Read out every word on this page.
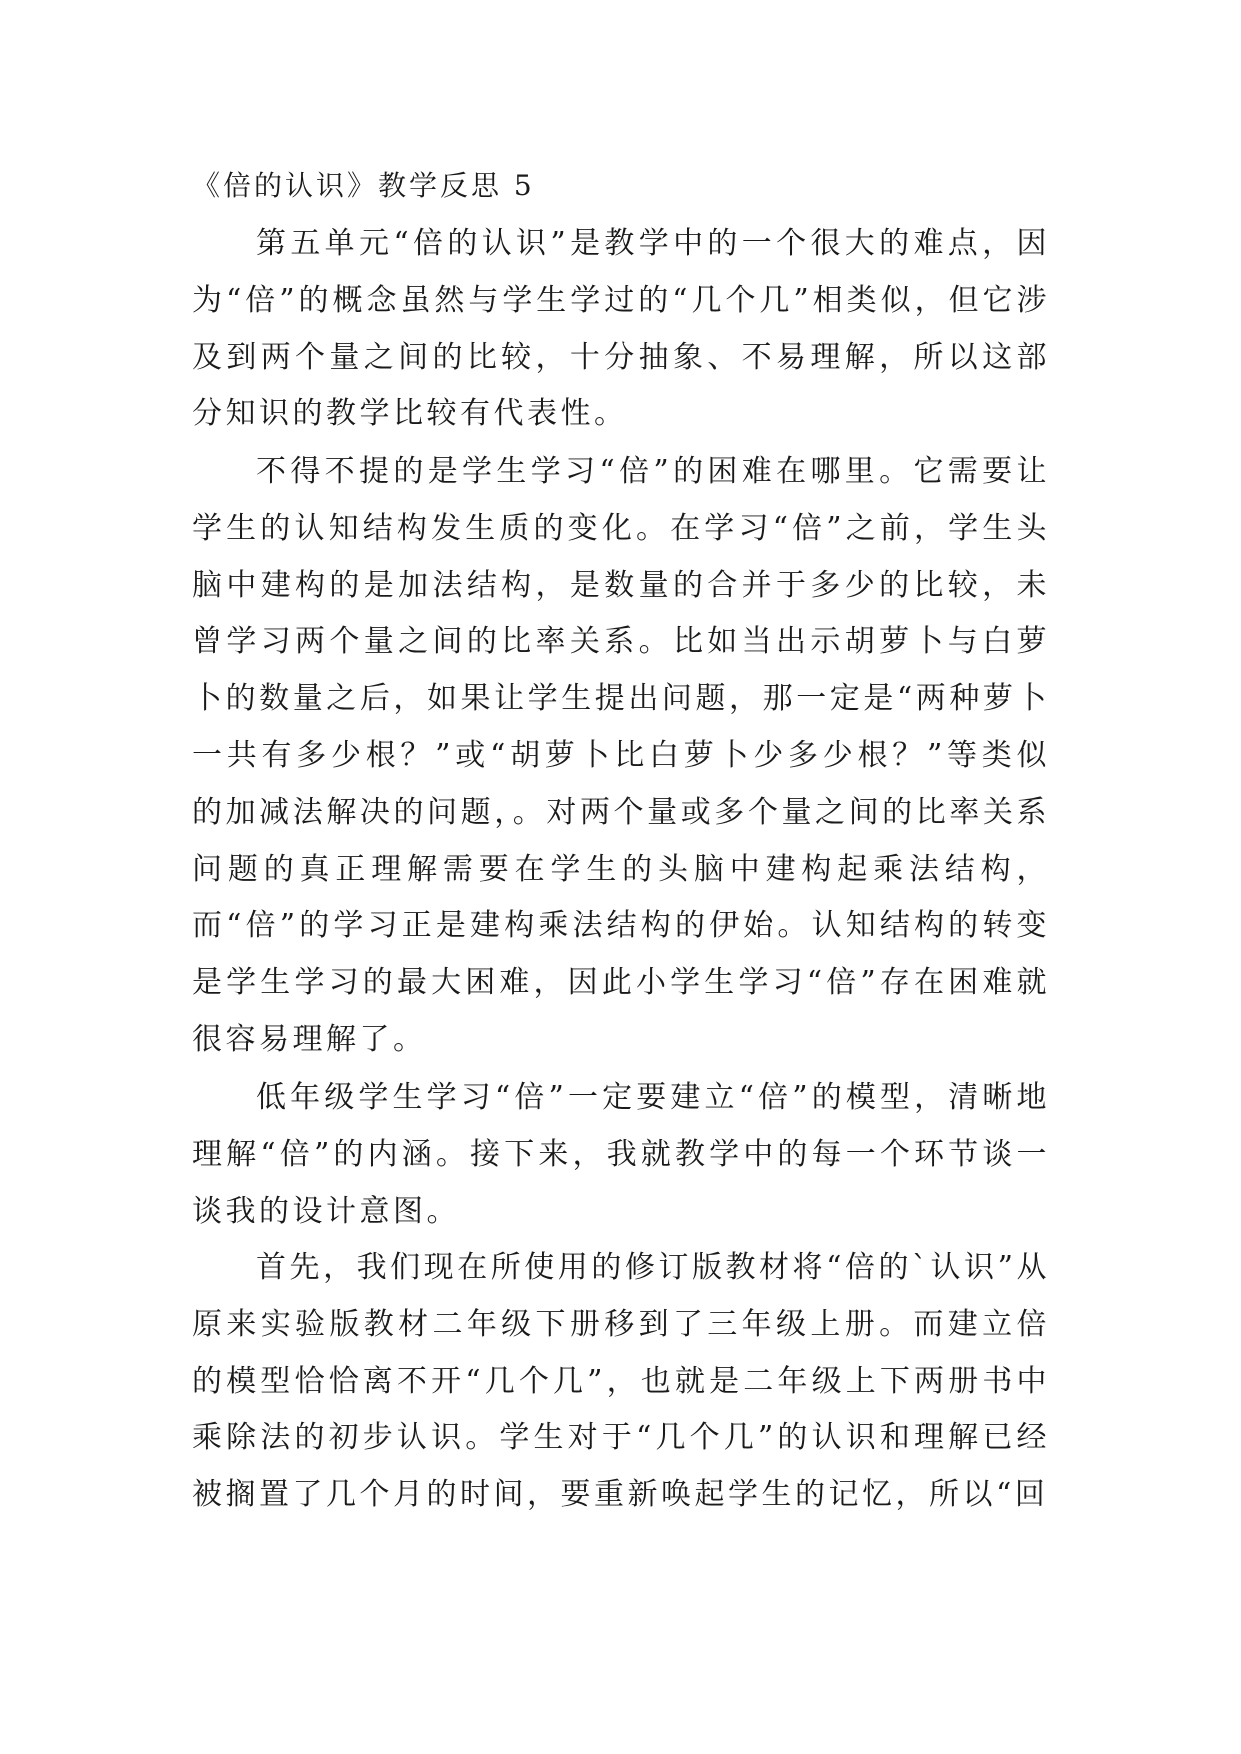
《倍的认识》教学反思 5

第五单元“倍的认识”是教学中的一个很大的难点，因为“倍”的概念虽然与学生学过的“几个几”相类似，但它涉及到两个量之间的比较，十分抽象、不易理解，所以这部分知识的教学比较有代表性。

不得不提的是学生学习“倍”的困难在哪里。它需要让学生的认知结构发生质的变化。在学习“倍”之前，学生头脑中建构的是加法结构，是数量的合并于多少的比较，未曾学习两个量之间的比率关系。比如当出示胡萝卜与白萝卜的数量之后，如果让学生提出问题，那一定是“两种萝卜一共有多少根？”或“胡萝卜比白萝卜少多少根？”等类似的加减法解决的问题，。对两个量或多个量之间的比率关系问题的真正理解需要在学生的头脑中建构起乘法结构，而“倍”的学习正是建构乘法结构的伊始。认知结构的转变是学生学习的最大困难，因此小学生学习“倍”存在困难就很容易理解了。

低年级学生学习“倍”一定要建立“倍”的模型，清晰地理解“倍”的内涵。接下来，我就教学中的每一个环节谈一谈我的设计意图。

首先，我们现在所使用的修订版教材将“倍的`认识”从原来实验版教材二年级下册移到了三年级上册。而建立倍的模型恰恰离不开“几个几”，也就是二年级上下两册书中乘除法的初步认识。学生对于“几个几”的认识和理解已经被搁置了几个月的时间，要重新唤起学生的记忆，所以“回
